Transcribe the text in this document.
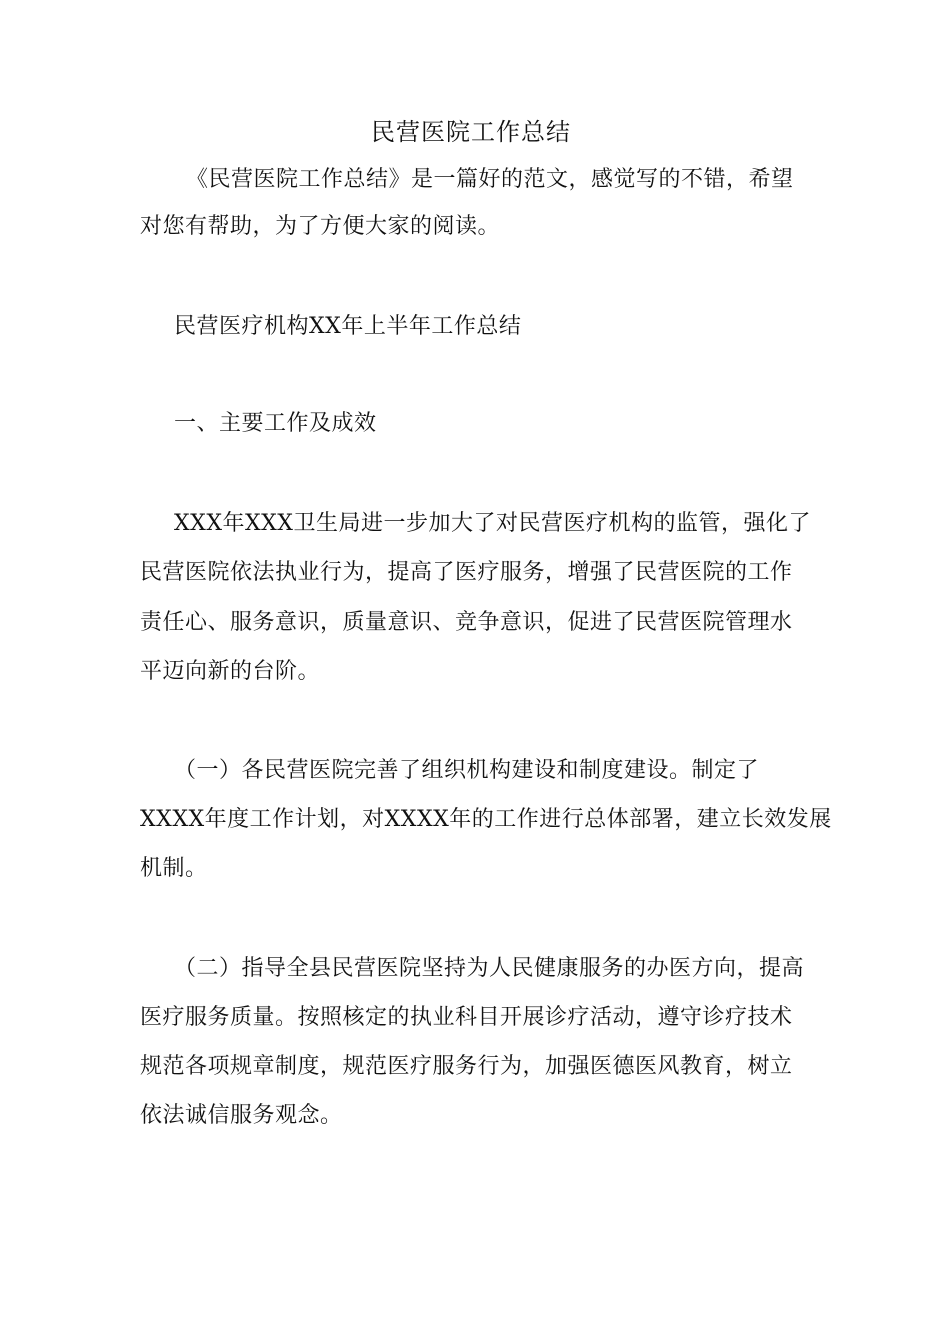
民营医院工作总结
《民营医院工作总结》是一篇好的范文，感觉写的不错，希望
对您有帮助，为了方便大家的阅读。
民营医疗机构XX年上半年工作总结
一、主要工作及成效
XXX年XXX卫生局进一步加大了对民营医疗机构的监管，强化了
民营医院依法执业行为，提高了医疗服务，增强了民营医院的工作
责任心、服务意识，质量意识、竞争意识，促进了民营医院管理水
平迈向新的台阶。
（一）各民营医院完善了组织机构建设和制度建设。制定了
XXXX年度工作计划，对XXXX年的工作进行总体部署，建立长效发展
机制。
（二）指导全县民营医院坚持为人民健康服务的办医方向，提高
医疗服务质量。按照核定的执业科目开展诊疗活动，遵守诊疗技术
规范各项规章制度，规范医疗服务行为，加强医德医风教育，树立
依法诚信服务观念。
